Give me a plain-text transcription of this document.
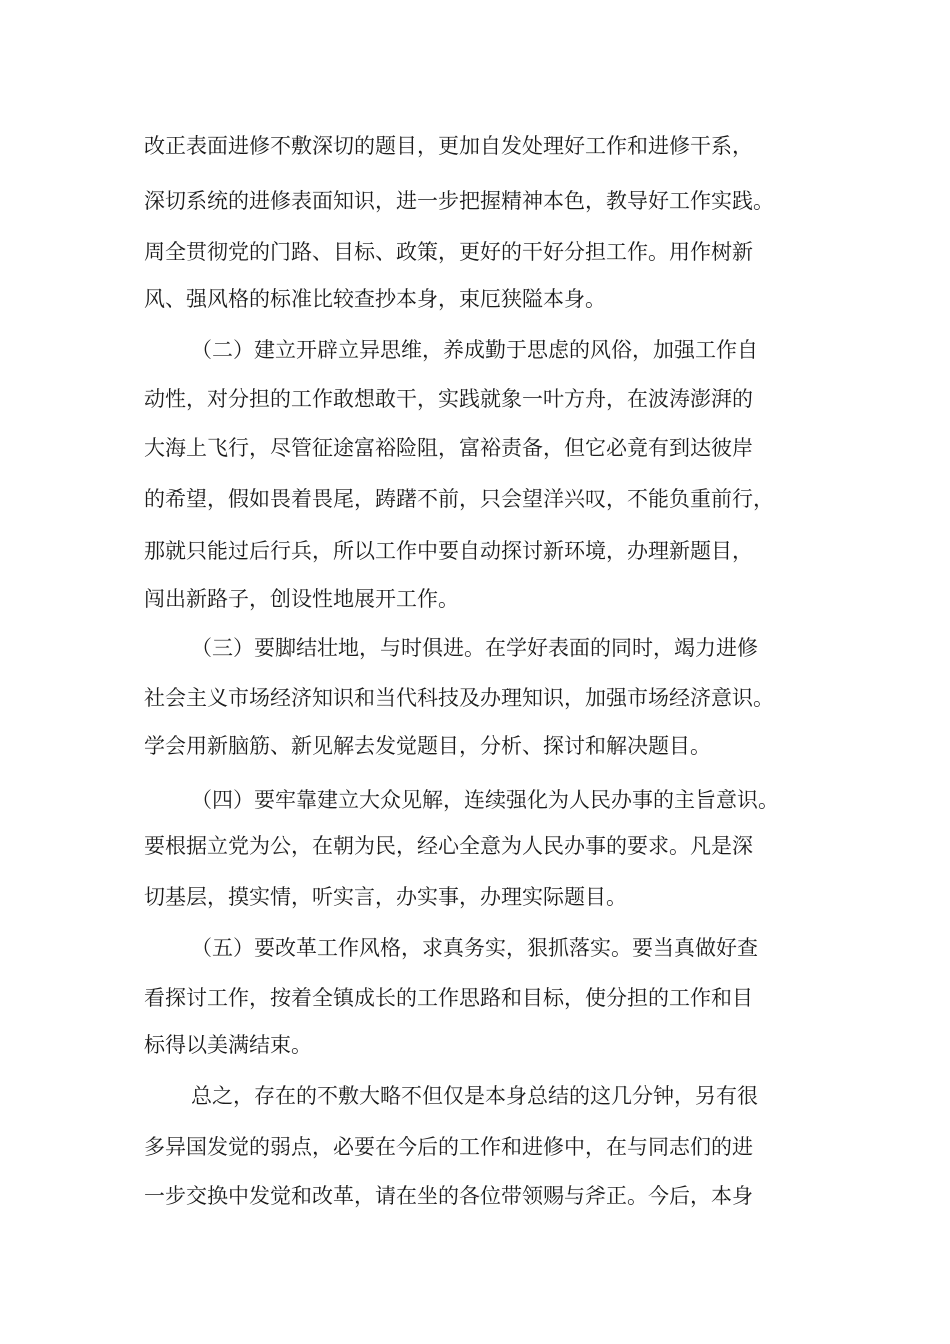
改正表面进修不敷深切的题目，更加自发处理好工作和进修干系，

深切系统的进修表面知识，进一步把握精神本色，教导好工作实践。

周全贯彻党的门路、目标、政策，更好的干好分担工作。用作树新

风、强风格的标准比较查抄本身，束厄狭隘本身。

（二）建立开辟立异思维，养成勤于思虑的风俗，加强工作自

动性，对分担的工作敢想敢干，实践就象一叶方舟，在波涛澎湃的

大海上飞行，尽管征途富裕险阻，富裕责备，但它必竟有到达彼岸

的希望，假如畏着畏尾，踌躇不前，只会望洋兴叹，不能负重前行，

那就只能过后行兵，所以工作中要自动探讨新环境，办理新题目，

闯出新路子，创设性地展开工作。

（三）要脚结壮地，与时俱进。在学好表面的同时，竭力进修

社会主义市场经济知识和当代科技及办理知识，加强市场经济意识。

学会用新脑筋、新见解去发觉题目，分析、探讨和解决题目。

（四）要牢靠建立大众见解，连续强化为人民办事的主旨意识。

要根据立党为公，在朝为民，经心全意为人民办事的要求。凡是深

切基层，摸实情，听实言，办实事，办理实际题目。

（五）要改革工作风格，求真务实，狠抓落实。要当真做好查

看探讨工作，按着全镇成长的工作思路和目标，使分担的工作和目

标得以美满结束。

总之，存在的不敷大略不但仅是本身总结的这几分钟，另有很

多异国发觉的弱点，必要在今后的工作和进修中，在与同志们的进

一步交换中发觉和改革，请在坐的各位带领赐与斧正。今后，本身
